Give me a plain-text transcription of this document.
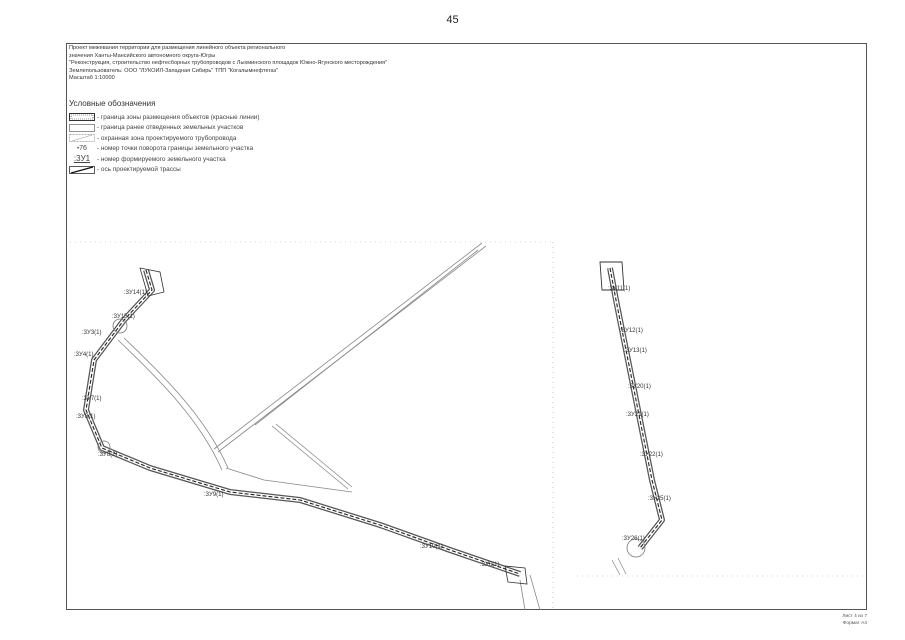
45
Проект межевания территории для размещения линейного объекта регионального
значения Ханты-Мансийского автономного округа-Югры
"Реконструкция, строительство нефтесборных трубопроводов с Лыхминского площадок Южно-Ягунского месторождения"
Землепользователь: ООО "ЛУКОЙЛ-Западная Сибирь" ТПП "Когалымнефтегаз"
Масштаб 1:10000
Условные обозначения
- граница зоны размещения объектов (красные линии)
- граница ранее отведенных земельных участков
- охранная зона проектируемого трубопровода
•76	- номер точки поворота границы земельного участка
:3У1	- номер формируемого земельного участка
- ось проектируемой трассы
:3У14(1)
:3У15(1)
:3У3(1)
:3У4(1)
:3У7(1)
:3У8(1)
:3У8(2)
:3У9(1)
:3У10(1)
:3У6(1)
:3У11(1)
:3У12(1)
:3У13(1)
:3У20(1)
:3У21(1)
:3У22(1)
:3У25(1)
:3У26(1)
Лист 4 из 7
Формат А4
